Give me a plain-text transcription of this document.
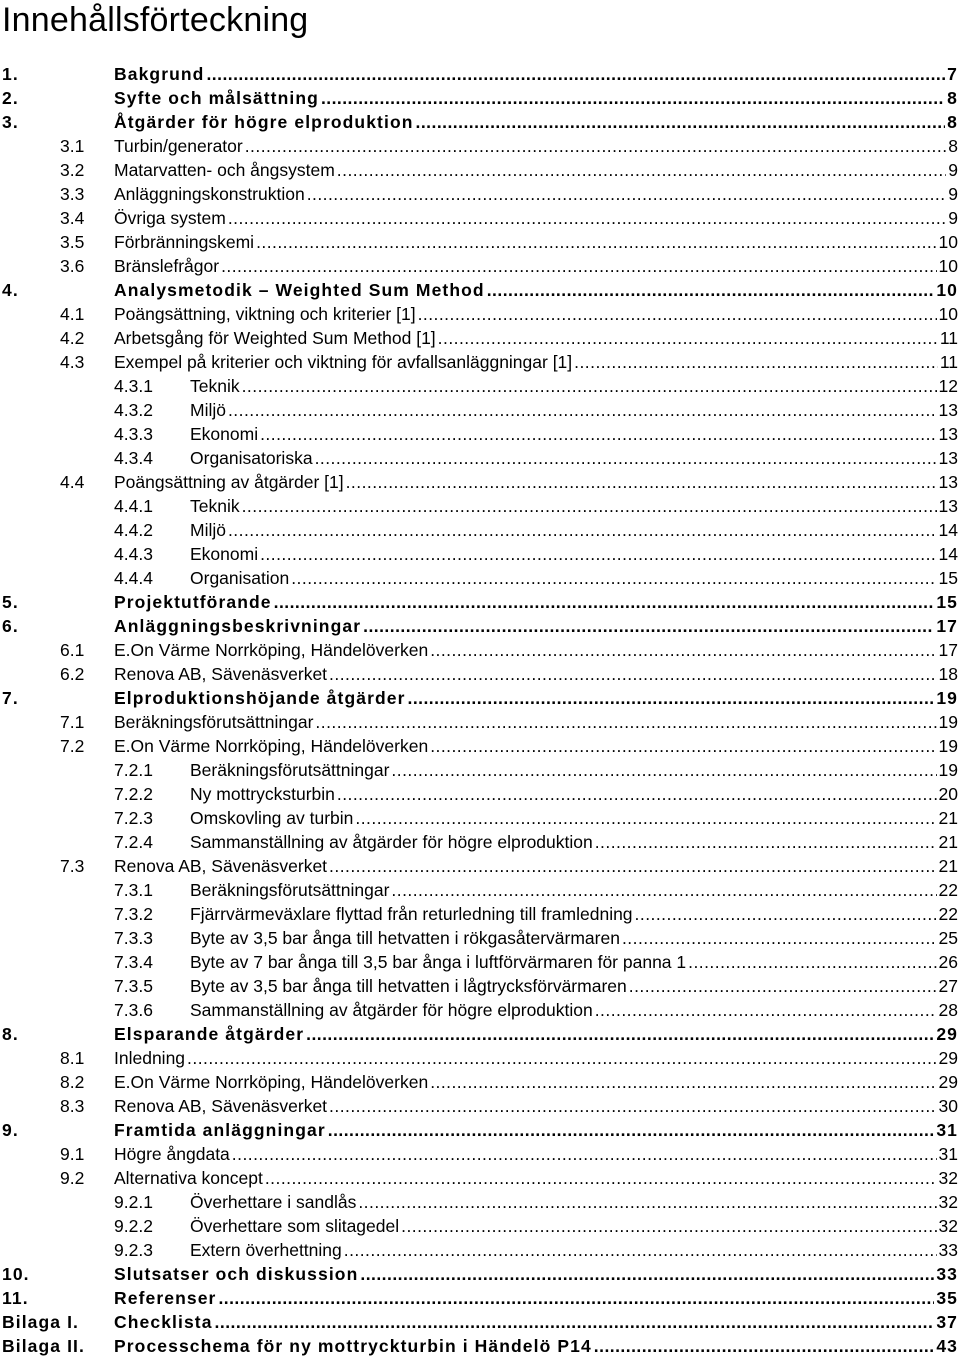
Innehållsförteckning
1.	Bakgrund . . .	7
2.	Syfte och målsättning . . .	8
3.	Åtgärder för högre elproduktion . . .	8
3.1 Turbin/generator . . .	8
3.2 Matarvatten- och ångsystem . . .	9
3.3 Anläggningskonstruktion . . .	9
3.4 Övriga system . . .	9
3.5 Förbränningskemi . . .	10
3.6 Bränslefrågor . . .	10
4.	Analysmetodik – Weighted Sum Method . . .	10
4.1 Poängsättning, viktning och kriterier [1] . . .	10
4.2 Arbetsgång för Weighted Sum Method [1] . . .	11
4.3 Exempel på kriterier och viktning för avfallsanläggningar [1] . . .	11
4.3.1 Teknik . . .	12
4.3.2 Miljö . . .	13
4.3.3 Ekonomi . . .	13
4.3.4 Organisatoriska . . .	13
4.4 Poängsättning av åtgärder [1] . . .	13
4.4.1 Teknik . . .	13
4.4.2 Miljö . . .	14
4.4.3 Ekonomi . . .	14
4.4.4 Organisation . . .	15
5.	Projektutförande . . .	15
6.	Anläggningsbeskrivningar . . .	17
6.1 E.On Värme Norrköping, Händelöverken . . .	17
6.2 Renova AB, Sävenäsverket . . .	18
7.	Elproduktionshöjande åtgärder . . .	19
7.1 Beräkningsförutsättningar . . .	19
7.2 E.On Värme Norrköping, Händelöverken . . .	19
7.2.1 Beräkningsförutsättningar . . .	19
7.2.2 Ny mottrycksturbin . . .	20
7.2.3 Omskovling av turbin . . .	21
7.2.4 Sammanställning av åtgärder för högre elproduktion . . .	21
7.3 Renova AB, Sävenäsverket . . .	21
7.3.1 Beräkningsförutsättningar . . .	22
7.3.2 Fjärrvärmeväxlare flyttad från returledning till framledning . . .	22
7.3.3 Byte av 3,5 bar ånga till hetvatten i rökgasåtervärmaren . . .	25
7.3.4 Byte av 7 bar ånga till 3,5 bar ånga i luftförvärmaren för panna 1 . . .	26
7.3.5 Byte av 3,5 bar ånga till hetvatten i lågtrycksförvärmaren . . .	27
7.3.6 Sammanställning av åtgärder för högre elproduktion . . .	28
8.	Elsparande åtgärder . . .	29
8.1 Inledning . . .	29
8.2 E.On Värme Norrköping, Händelöverken . . .	29
8.3 Renova AB, Sävenäsverket . . .	30
9.	Framtida anläggningar . . .	31
9.1 Högre ångdata . . .	31
9.2 Alternativa koncept . . .	32
9.2.1 Överhettare i sandlås . . .	32
9.2.2 Överhettare som slitagedel . . .	32
9.2.3 Extern överhettning . . .	33
10.	Slutsatser och diskussion . . .	33
11.	Referenser . . .	35
Bilaga I. Checklista . . .	37
Bilaga II. Processchema för ny mottryckturbin i Händelö P14 . . .	43
